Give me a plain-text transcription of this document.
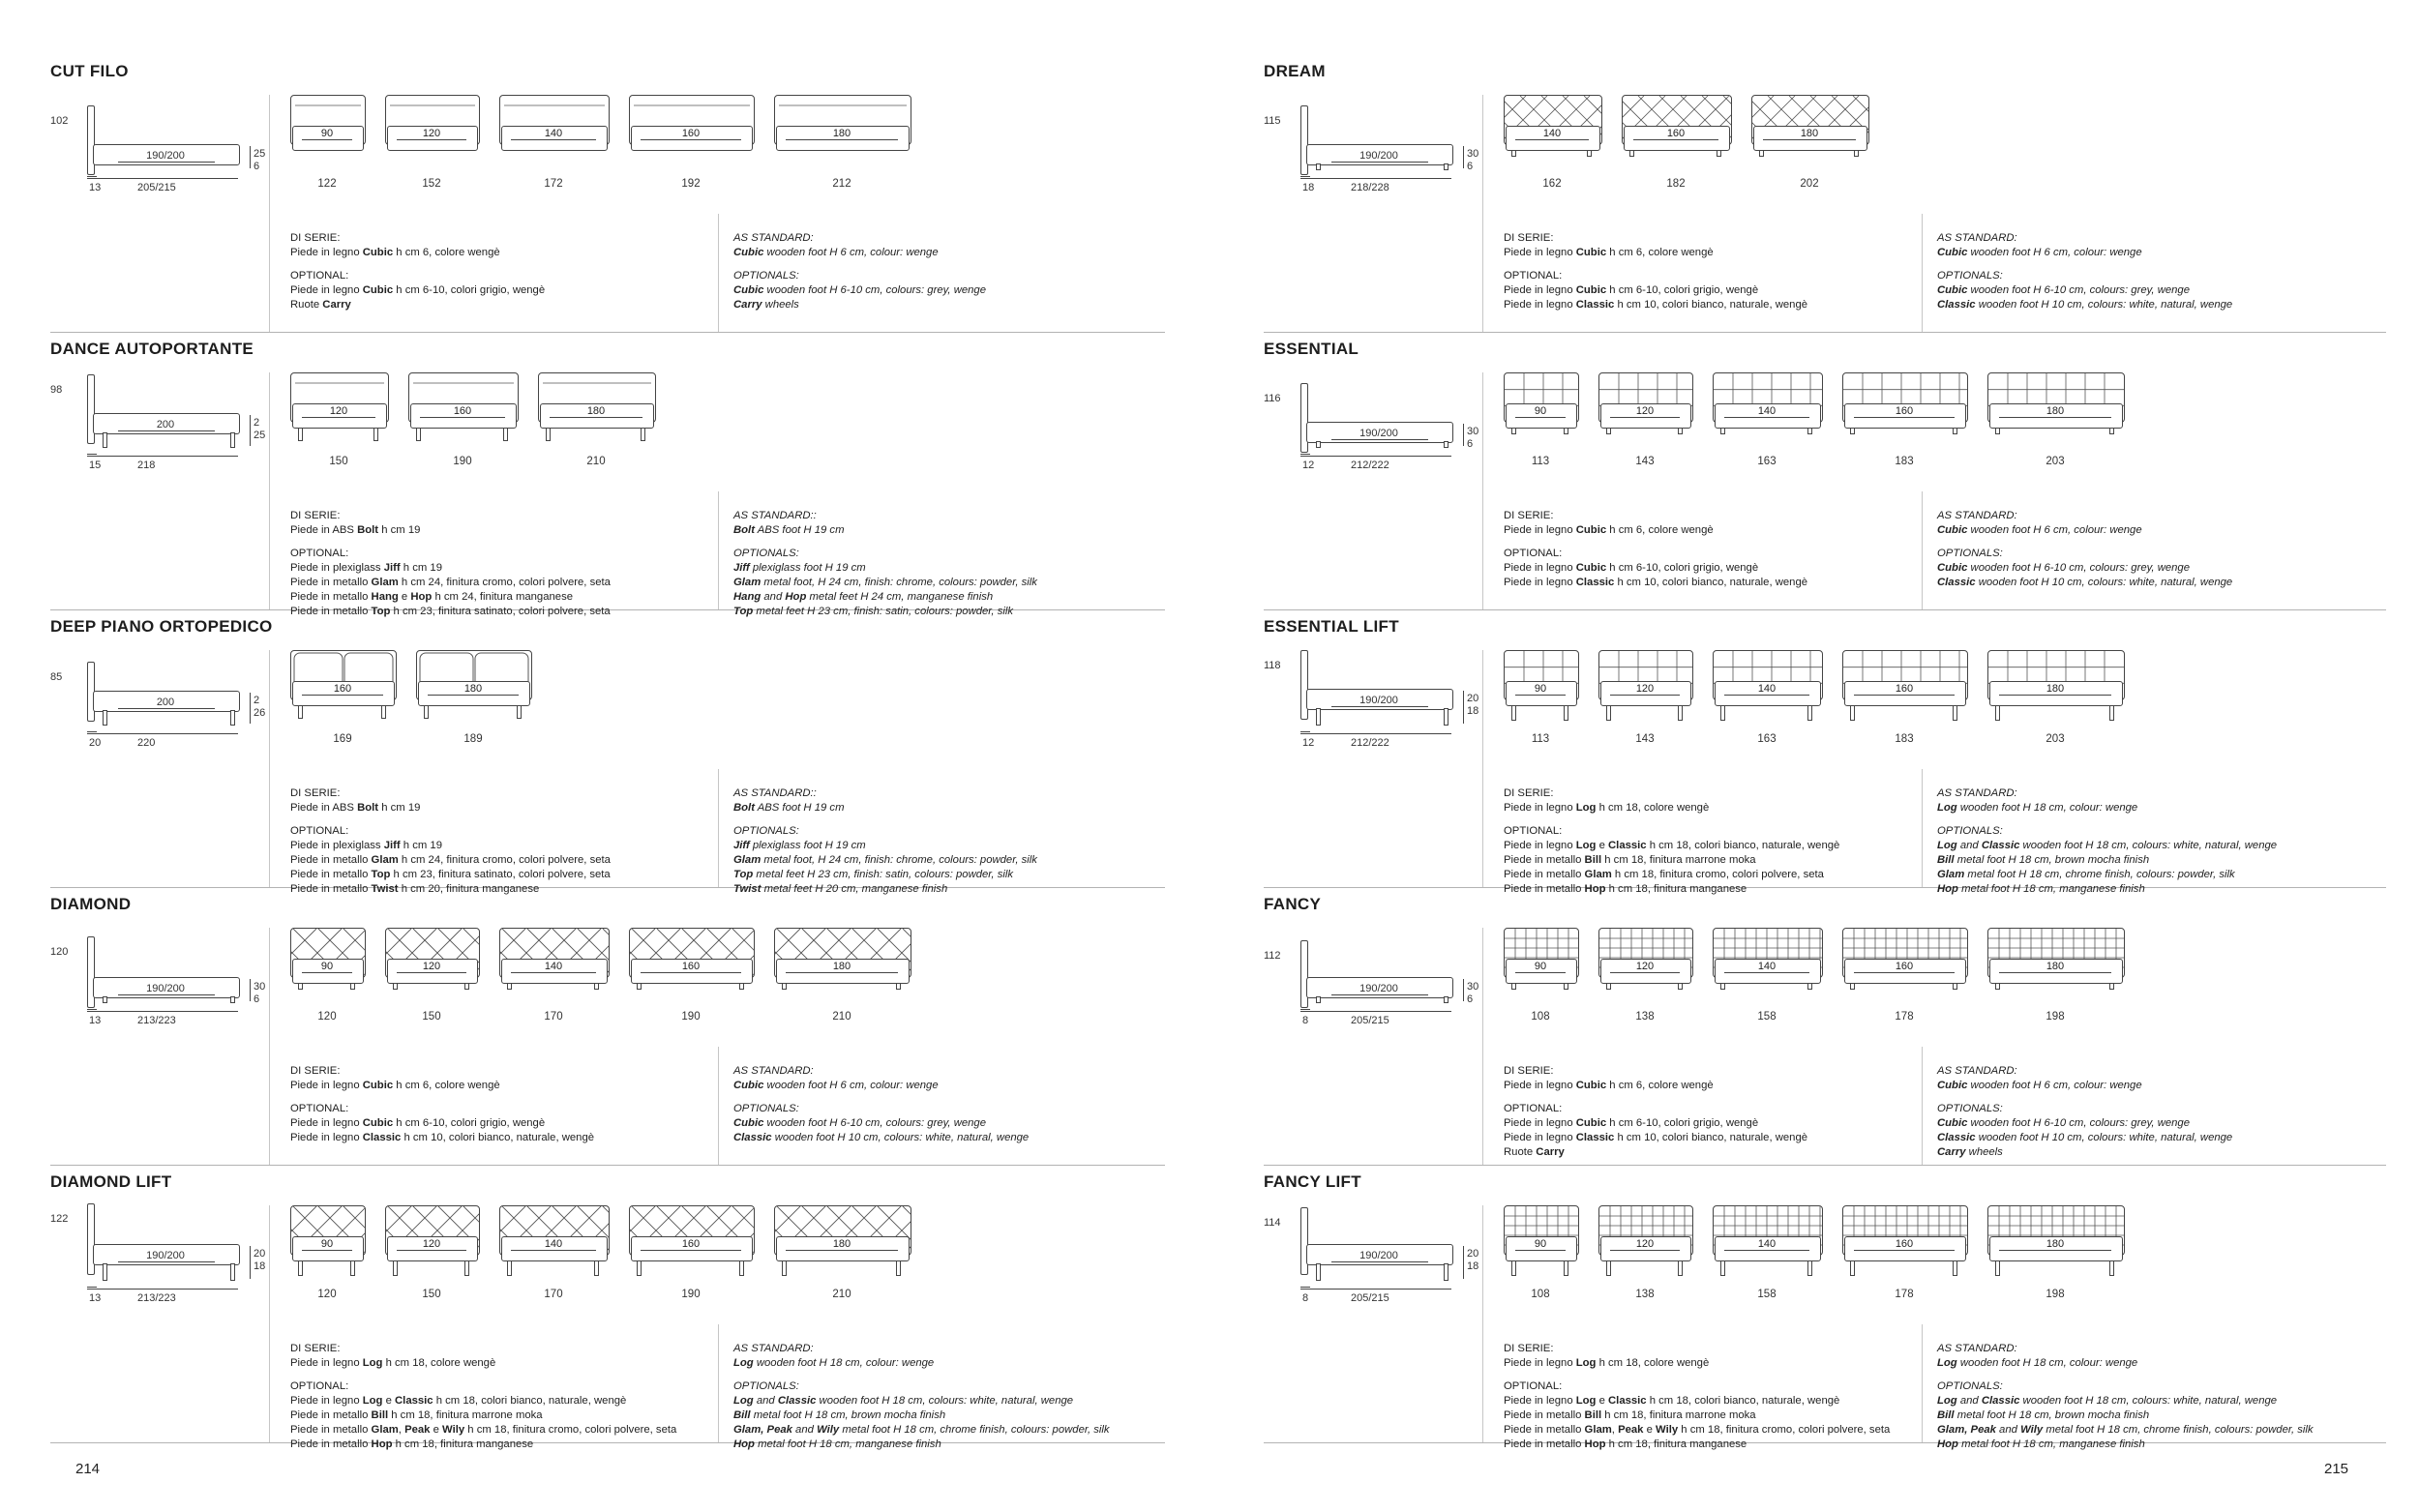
CUT FILO
190/200
102
25
6
13	205/215
90
122
120
152
140
172
160
192
180
212
DI SERIE:
Piede in legno Cubic h cm 6, colore wengè
OPTIONAL:
Piede in legno Cubic h cm 6-10, colori grigio, wengè
Ruote Carry
AS STANDARD:
Cubic wooden foot H 6 cm, colour: wenge
OPTIONALS:
Cubic wooden foot H 6-10 cm, colours: grey, wenge
Carry wheels
DANCE AUTOPORTANTE
200
98
2
25
15	218
120
150
160
190
180
210
DI SERIE:
Piede in ABS Bolt h cm 19
OPTIONAL:
Piede in plexiglass Jiff h cm 19
Piede in metallo Glam h cm 24, finitura cromo, colori polvere, seta
Piede in metallo Hang e Hop h cm 24, finitura manganese
Piede in metallo Top h cm 23, finitura satinato, colori polvere, seta
AS STANDARD::
Bolt ABS foot H 19 cm
OPTIONALS:
Jiff plexiglass foot H 19 cm
Glam metal foot, H 24 cm, finish: chrome, colours: powder, silk
Hang and Hop metal feet H 24 cm, manganese finish
Top metal feet H 23 cm, finish: satin, colours: powder, silk
DEEP PIANO ORTOPEDICO
200
85
2
26
20	220
160
169
180
189
DI SERIE:
Piede in ABS Bolt h cm 19
OPTIONAL:
Piede in plexiglass Jiff h cm 19
Piede in metallo Glam h cm 24, finitura cromo, colori polvere, seta
Piede in metallo Top h cm 23, finitura satinato, colori polvere, seta
Piede in metallo Twist h cm 20, finitura manganese
AS STANDARD::
Bolt ABS foot H 19 cm
OPTIONALS:
Jiff plexiglass foot H 19 cm
Glam metal foot, H 24 cm, finish: chrome, colours: powder, silk
Top metal feet H 23 cm, finish: satin, colours: powder, silk
Twist metal feet H 20 cm, manganese finish
DIAMOND
190/200
120
30
6
13	213/223
90
120
120
150
140
170
160
190
180
210
DI SERIE:
Piede in legno Cubic h cm 6, colore wengè
OPTIONAL:
Piede in legno Cubic h cm 6-10, colori grigio, wengè
Piede in legno Classic h cm 10, colori bianco, naturale, wengè
AS STANDARD:
Cubic wooden foot H 6 cm, colour: wenge
OPTIONALS:
Cubic wooden foot H 6-10 cm, colours: grey, wenge
Classic wooden foot H 10 cm, colours: white, natural, wenge
DIAMOND LIFT
190/200
122
20
18
13	213/223
90
120
120
150
140
170
160
190
180
210
DI SERIE:
Piede in legno Log h cm 18, colore wengè
OPTIONAL:
Piede in legno Log e Classic h cm 18, colori bianco, naturale, wengè
Piede in metallo Bill h cm 18, finitura marrone moka
Piede in metallo Glam, Peak e Wily h cm 18, finitura cromo, colori polvere, seta
Piede in metallo Hop h cm 18, finitura manganese
AS STANDARD:
Log wooden foot H 18 cm, colour: wenge
OPTIONALS:
Log and Classic wooden foot H 18 cm, colours: white, natural, wenge
Bill metal foot H 18 cm, brown mocha finish
Glam, Peak and Wily metal foot H 18 cm, chrome finish, colours: powder, silk
Hop metal foot H 18 cm, manganese finish
214
DREAM
190/200
115
30
6
18	218/228
140
162
160
182
180
202
DI SERIE:
Piede in legno Cubic h cm 6, colore wengè
OPTIONAL:
Piede in legno Cubic h cm 6-10, colori grigio, wengè
Piede in legno Classic h cm 10, colori bianco, naturale, wengè
AS STANDARD:
Cubic wooden foot H 6 cm, colour: wenge
OPTIONALS:
Cubic wooden foot H 6-10 cm, colours: grey, wenge
Classic wooden foot H 10 cm, colours: white, natural, wenge
ESSENTIAL
190/200
116
30
6
12	212/222
90
113
120
143
140
163
160
183
180
203
DI SERIE:
Piede in legno Cubic h cm 6, colore wengè
OPTIONAL:
Piede in legno Cubic h cm 6-10, colori grigio, wengè
Piede in legno Classic h cm 10, colori bianco, naturale, wengè
AS STANDARD:
Cubic wooden foot H 6 cm, colour: wenge
OPTIONALS:
Cubic wooden foot H 6-10 cm, colours: grey, wenge
Classic wooden foot H 10 cm, colours: white, natural, wenge
ESSENTIAL LIFT
190/200
118
20
18
12	212/222
90
113
120
143
140
163
160
183
180
203
DI SERIE:
Piede in legno Log h cm 18, colore wengè
OPTIONAL:
Piede in legno Log e Classic h cm 18, colori bianco, naturale, wengè
Piede in metallo Bill h cm 18, finitura marrone moka
Piede in metallo Glam h cm 18, finitura cromo, colori polvere, seta
Piede in metallo Hop h cm 18, finitura manganese
AS STANDARD:
Log wooden foot H 18 cm, colour: wenge
OPTIONALS:
Log and Classic wooden foot H 18 cm, colours: white, natural, wenge
Bill metal foot H 18 cm, brown mocha finish
Glam metal foot H 18 cm, chrome finish, colours: powder, silk
Hop metal foot H 18 cm, manganese finish
FANCY
190/200
112
30
6
8	205/215
90
108
120
138
140
158
160
178
180
198
DI SERIE:
Piede in legno Cubic h cm 6, colore wengè
OPTIONAL:
Piede in legno Cubic h cm 6-10, colori grigio, wengè
Piede in legno Classic h cm 10, colori bianco, naturale, wengè
Ruote Carry
AS STANDARD:
Cubic wooden foot H 6 cm, colour: wenge
OPTIONALS:
Cubic wooden foot H 6-10 cm, colours: grey, wenge
Classic wooden foot H 10 cm, colours: white, natural, wenge
Carry wheels
FANCY LIFT
190/200
114
20
18
8	205/215
90
108
120
138
140
158
160
178
180
198
DI SERIE:
Piede in legno Log h cm 18, colore wengè
OPTIONAL:
Piede in legno Log e Classic h cm 18, colori bianco, naturale, wengè
Piede in metallo Bill h cm 18, finitura marrone moka
Piede in metallo Glam, Peak e Wily h cm 18, finitura cromo, colori polvere, seta
Piede in metallo Hop h cm 18, finitura manganese
AS STANDARD:
Log wooden foot H 18 cm, colour: wenge
OPTIONALS:
Log and Classic wooden foot H 18 cm, colours: white, natural, wenge
Bill metal foot H 18 cm, brown mocha finish
Glam, Peak and Wily metal foot H 18 cm, chrome finish, colours: powder, silk
Hop metal foot H 18 cm, manganese finish
215
